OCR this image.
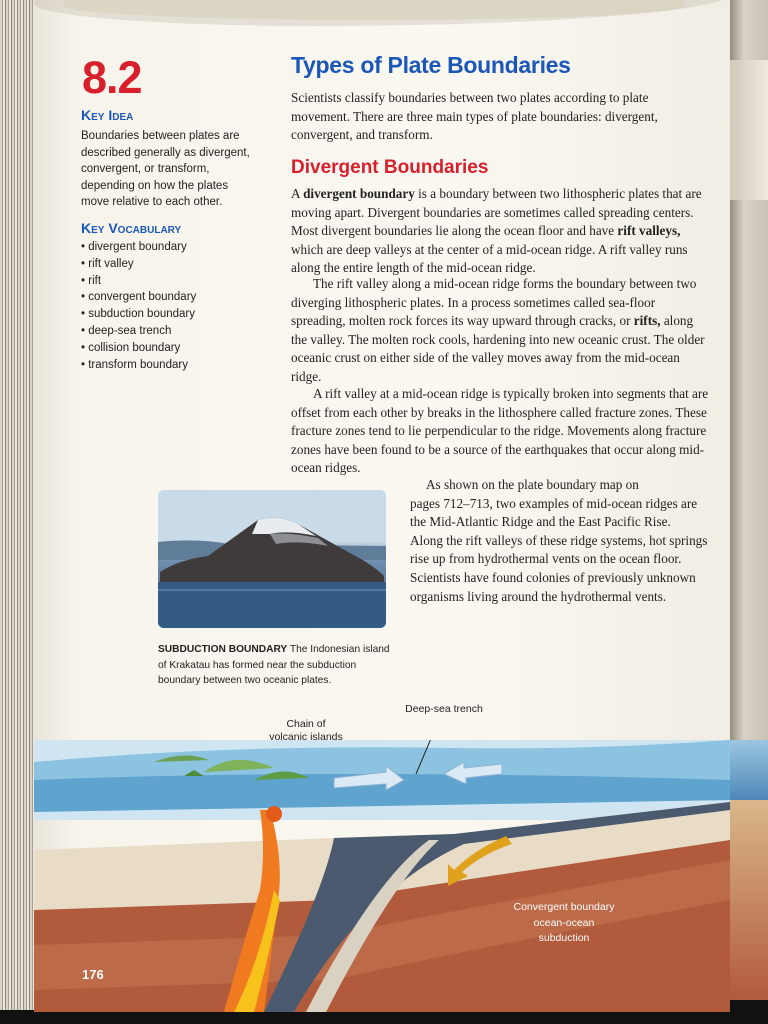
8.2
Key Idea
Boundaries between plates are
described generally as divergent,
convergent, or transform,
depending on how the plates
move relative to each other.
Key Vocabulary
• divergent boundary
• rift valley
• rift
• convergent boundary
• subduction boundary
• deep-sea trench
• collision boundary
• transform boundary
Types of Plate Boundaries
Scientists classify boundaries between two plates according to plate
movement. There are three main types of plate boundaries: divergent,
convergent, and transform.
Divergent Boundaries

A divergent boundary is a boundary between two lithospheric plates that are moving apart. Divergent boundaries are sometimes called spreading centers. Most divergent boundaries lie along the ocean floor and have rift valleys, which are deep valleys at the center of a mid-ocean ridge. A rift valley runs along the entire length of the mid-ocean ridge.

The rift valley along a mid-ocean ridge forms the boundary between two diverging lithospheric plates. In a process sometimes called sea-floor spreading, molten rock forces its way upward through cracks, or rifts, along the valley. The molten rock cools, hardening into new oceanic crust. The older oceanic crust on either side of the valley moves away from the mid-ocean ridge.

A rift valley at a mid-ocean ridge is typically broken into segments that are offset from each other by breaks in the lithosphere called fracture zones. These fracture zones tend to lie perpendicular to the ridge. Movements along fracture zones have been found to be a source of the earthquakes that occur along mid-ocean ridges.

As shown on the plate boundary map on
pages 712–713, two examples of mid-ocean ridges are
the Mid-Atlantic Ridge and the East Pacific Rise.
Along the rift valleys of these ridge systems, hot springs
rise up from hydrothermal vents on the ocean floor.
Scientists have found colonies of previously unknown
organisms living around the hydrothermal vents.
SUBDUCTION BOUNDARY The Indonesian island of Krakatau has formed near the subduction boundary between two oceanic plates.
Chain of
volcanic islands
Deep-sea trench
Convergent boundary
ocean-ocean
subduction
176
